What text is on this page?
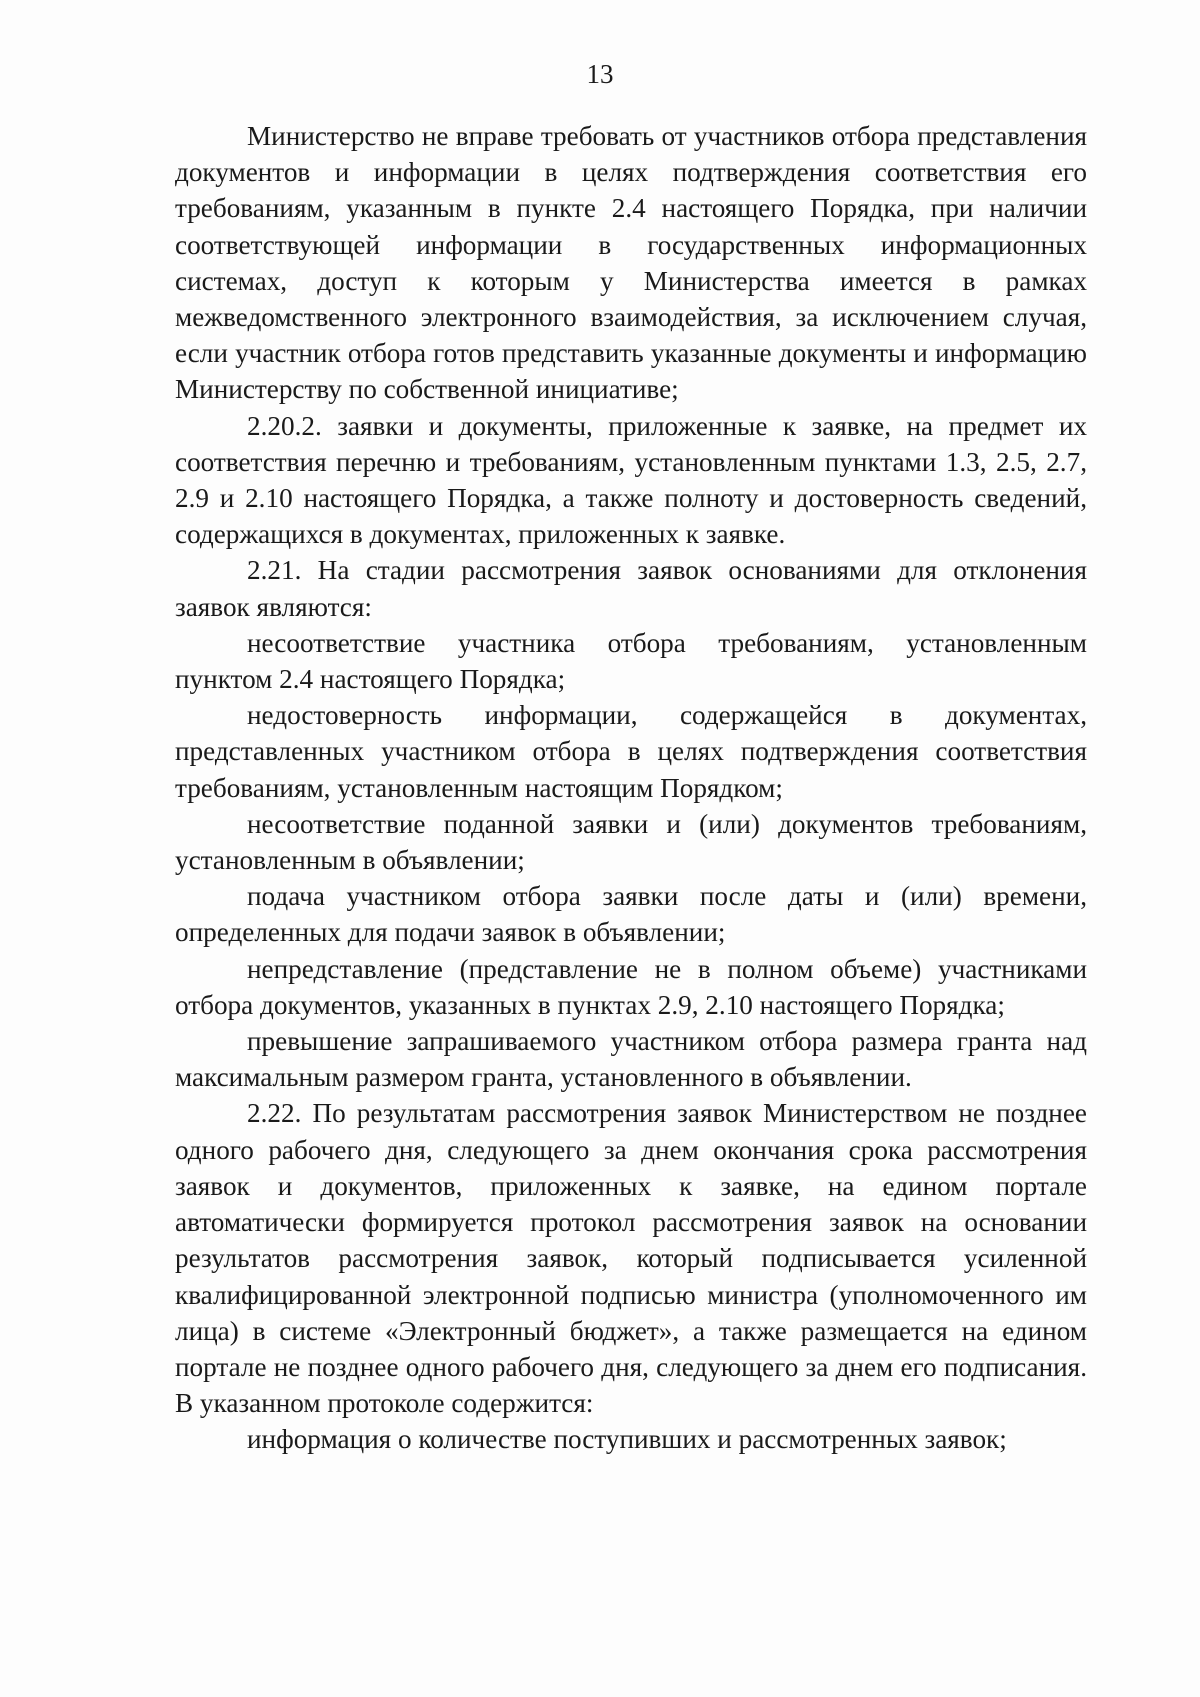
13

Министерство не вправе требовать от участников отбора представления документов и информации в целях подтверждения соответствия его требованиям, указанным в пункте 2.4 настоящего Порядка, при наличии соответствующей информации в государственных информационных системах, доступ к которым у Министерства имеется в рамках межведомственного электронного взаимодействия, за исключением случая, если участник отбора готов представить указанные документы и информацию Министерству по собственной инициативе;

2.20.2. заявки и документы, приложенные к заявке, на предмет их соответствия перечню и требованиям, установленным пунктами 1.3, 2.5, 2.7, 2.9 и 2.10 настоящего Порядка, а также полноту и достоверность сведений, содержащихся в документах, приложенных к заявке.

2.21. На стадии рассмотрения заявок основаниями для отклонения заявок являются:

несоответствие участника отбора требованиям, установленным пунктом 2.4 настоящего Порядка;

недостоверность информации, содержащейся в документах, представленных участником отбора в целях подтверждения соответствия требованиям, установленным настоящим Порядком;

несоответствие поданной заявки и (или) документов требованиям, установленным в объявлении;

подача участником отбора заявки после даты и (или) времени, определенных для подачи заявок в объявлении;

непредставление (представление не в полном объеме) участниками отбора документов, указанных в пунктах 2.9, 2.10 настоящего Порядка;

превышение запрашиваемого участником отбора размера гранта над максимальным размером гранта, установленного в объявлении.

2.22. По результатам рассмотрения заявок Министерством не позднее одного рабочего дня, следующего за днем окончания срока рассмотрения заявок и документов, приложенных к заявке, на едином портале автоматически формируется протокол рассмотрения заявок на основании результатов рассмотрения заявок, который подписывается усиленной квалифицированной электронной подписью министра (уполномоченного им лица) в системе «Электронный бюджет», а также размещается на едином портале не позднее одного рабочего дня, следующего за днем его подписания. В указанном протоколе содержится:

информация о количестве поступивших и рассмотренных заявок;
